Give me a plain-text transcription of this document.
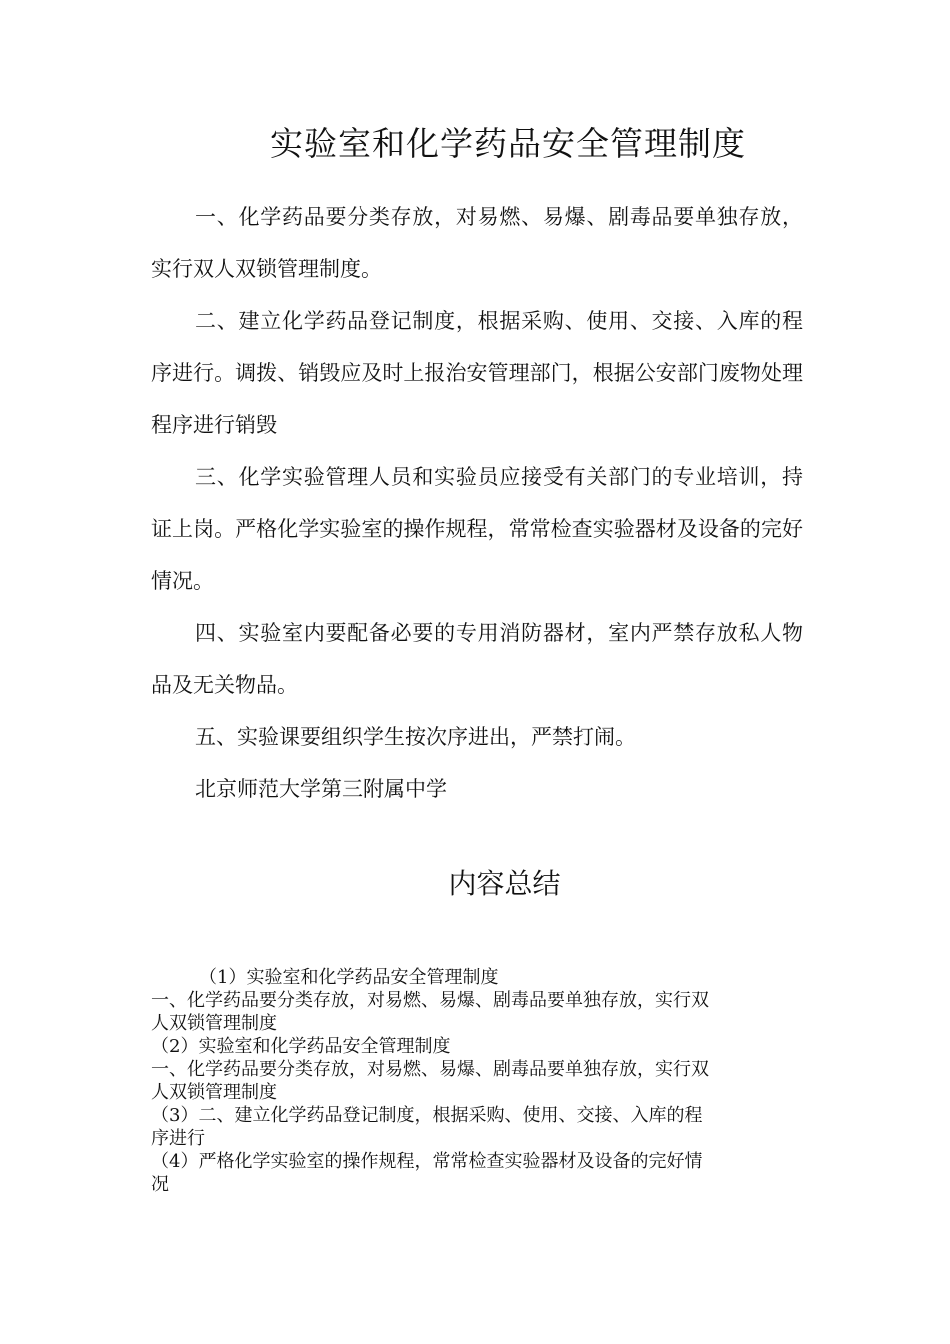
实验室和化学药品安全管理制度

一、化学药品要分类存放，对易燃、易爆、剧毒品要单独存放，实行双人双锁管理制度。

二、建立化学药品登记制度，根据采购、使用、交接、入库的程序进行。调拨、销毁应及时上报治安管理部门，根据公安部门废物处理程序进行销毁

三、化学实验管理人员和实验员应接受有关部门的专业培训，持证上岗。严格化学实验室的操作规程，常常检查实验器材及设备的完好情况。

四、实验室内要配备必要的专用消防器材，室内严禁存放私人物品及无关物品。

五、实验课要组织学生按次序进出，严禁打闹。

北京师范大学第三附属中学

内容总结
（1）实验室和化学药品安全管理制度
一、化学药品要分类存放，对易燃、易爆、剧毒品要单独存放，实行双
人双锁管理制度
（2）实验室和化学药品安全管理制度
一、化学药品要分类存放，对易燃、易爆、剧毒品要单独存放，实行双
人双锁管理制度
（3）二、建立化学药品登记制度，根据采购、使用、交接、入库的程
序进行
（4）严格化学实验室的操作规程，常常检查实验器材及设备的完好情
况
